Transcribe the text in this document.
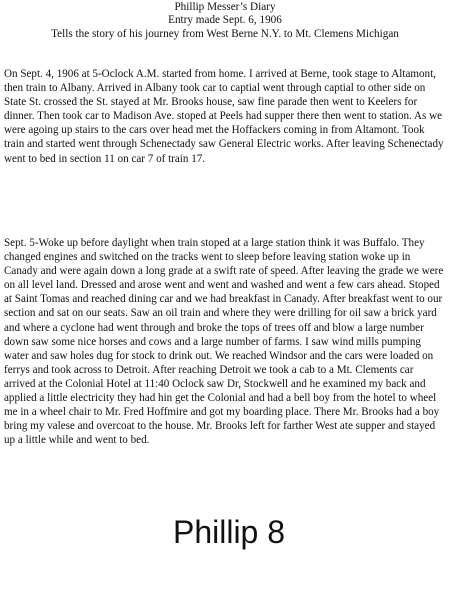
Phillip Messer’s Diary
Entry made Sept. 6, 1906
Tells the story of his journey from West Berne N.Y. to Mt. Clemens Michigan

On Sept. 4, 1906 at 5-Oclock A.M. started from home. I arrived at Berne, took stage to Altamont, then train to Albany. Arrived in Albany took car to captial went through captial to other side on State St. crossed the St. stayed at Mr. Brooks house, saw fine parade then went to Keelers for dinner. Then took car to Madison Ave. stoped at Peels had supper there then went to station. As we were agoing up stairs to the cars over head met the Hoffackers coming in from Altamont. Took train and started went through Schenectady saw General Electric works. After leaving Schenectady went to bed in section 11 on car 7 of train 17.

Sept. 5-Woke up before daylight when train stoped at a large station think it was Buffalo. They changed engines and switched on the tracks went to sleep before leaving station woke up in Canady and were again down a long grade at a swift rate of speed. After leaving the grade we were on all level land. Dressed and arose went and went and washed and went a few cars ahead. Stoped at Saint Tomas and reached dining car and we had breakfast in Canady. After breakfast went to our section and sat on our seats. Saw an oil train and where they were drilling for oil saw a brick yard and where a cyclone had went through and broke the tops of trees off and blow a large number down saw some nice horses and cows and a large number of farms. I saw wind mills pumping water and saw holes dug for stock to drink out. We reached Windsor and the cars were loaded on ferrys and took across to Detroit. After reaching Detroit we took a cab to a Mt. Clements car arrived at the Colonial Hotel at 11:40 Oclock saw Dr, Stockwell and he examined my back and applied a little electricity they had hin get the Colonial and had a bell boy from the hotel to wheel me in a wheel chair to Mr. Fred Hoffmire and got my boarding place. There Mr. Brooks had a boy bring my valese and overcoat to the house. Mr. Brooks left for farther West ate supper and stayed up a little while and went to bed.

Phillip 8
